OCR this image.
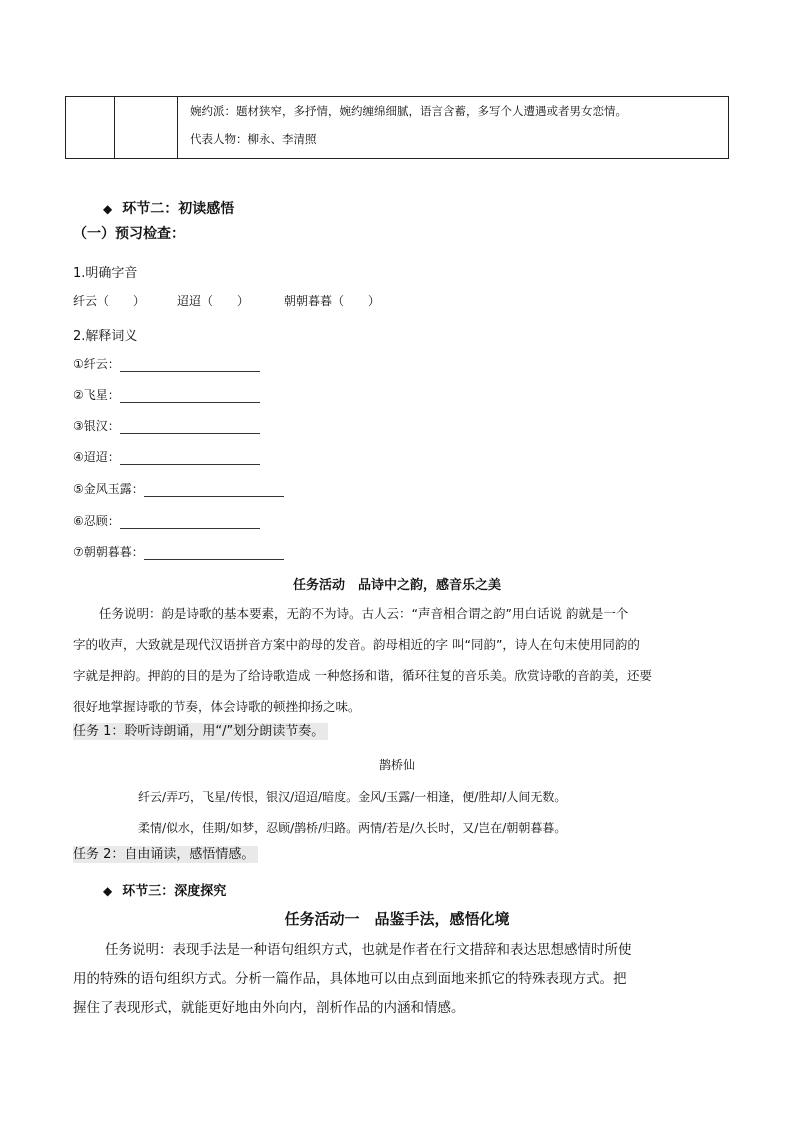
婉约派：题材狭窄，多抒情，婉约缠绵细腻，语言含蓄，多写个人遭遇或者男女恋情。
代表人物：柳永、李清照
◆ 环节二：初读感悟
（一）预习检查：
1.明确字音
纤云（　　）	迢迢（　　）	朝朝暮暮（　　）
2.解释词义
①纤云：
②飞星：
③银汉：
④迢迢：
⑤金风玉露：
⑥忍顾：
⑦朝朝暮暮：
任务活动　品诗中之韵，感音乐之美
任务说明：韵是诗歌的基本要素，无韵不为诗。古人云：“声音相合谓之韵”用白话说 韵就是一个
字的收声，大致就是现代汉语拼音方案中韵母的发音。韵母相近的字 叫“同韵”，诗人在句末使用同韵的
字就是押韵。押韵的目的是为了给诗歌造成 一种悠扬和谐，循环往复的音乐美。欣赏诗歌的音韵美，还要
很好地掌握诗歌的节奏，体会诗歌的顿挫抑扬之味。
任务 1：聆听诗朗诵，用“/”划分朗读节奏。
鹊桥仙
纤云/弄巧，飞星/传恨，银汉/迢迢/暗度。金风/玉露/一相逢，便/胜却/人间无数。
柔情/似水，佳期/如梦，忍顾/鹊桥/归路。两情/若是/久长时，又/岂在/朝朝暮暮。
任务 2：自由诵读，感悟情感。
◆ 环节三：深度探究
任务活动一　品鉴手法，感悟化境
任务说明：表现手法是一种语句组织方式，也就是作者在行文措辞和表达思想感情时所使
用的特殊的语句组织方式。分析一篇作品，具体地可以由点到面地来抓它的特殊表现方式。把
握住了表现形式，就能更好地由外向内，剖析作品的内涵和情感。
